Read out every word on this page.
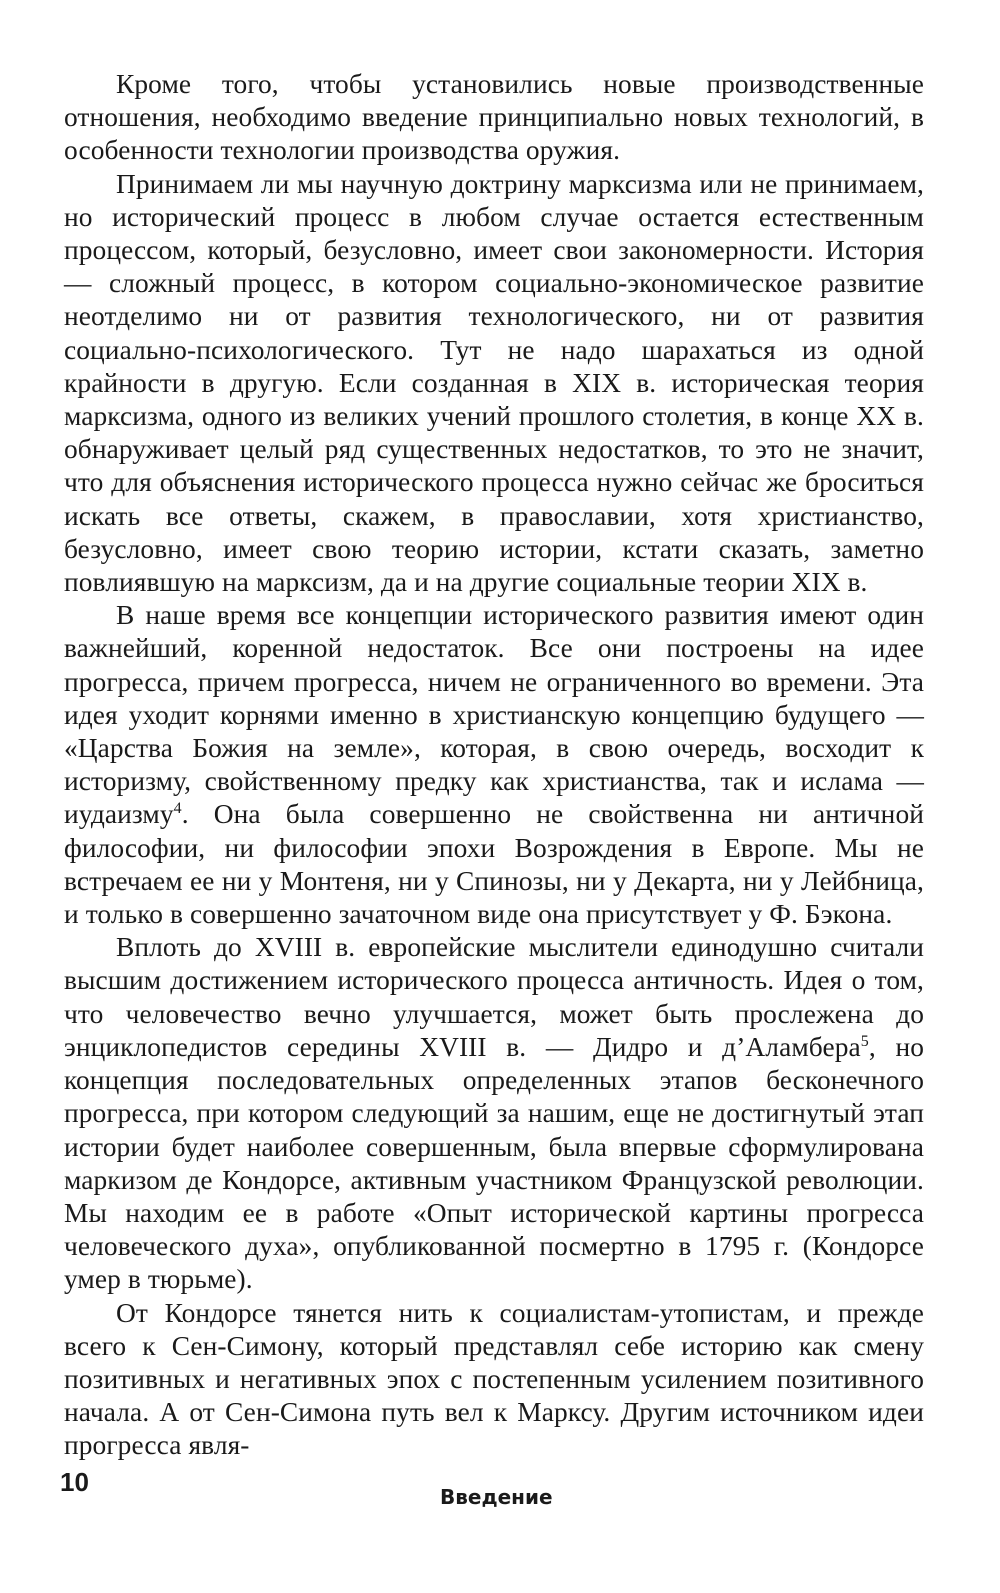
Кроме того, чтобы установились новые производственные отношения, необходимо введение принципиально новых технологий, в особенности технологии производства оружия.

Принимаем ли мы научную доктрину марксизма или не принимаем, но исторический процесс в любом случае остается естественным процессом, который, безусловно, имеет свои закономерности. История — сложный процесс, в котором социально-экономическое развитие неотделимо ни от развития технологического, ни от развития социально-психологического. Тут не надо шарахаться из одной крайности в другую. Если созданная в XIX в. историческая теория марксизма, одного из великих учений прошлого столетия, в конце XX в. обнаруживает целый ряд существенных недостатков, то это не значит, что для объяснения исторического процесса нужно сейчас же броситься искать все ответы, скажем, в православии, хотя христианство, безусловно, имеет свою теорию истории, кстати сказать, заметно повлиявшую на марксизм, да и на другие социальные теории XIX в.

В наше время все концепции исторического развития имеют один важнейший, коренной недостаток. Все они построены на идее прогресса, причем прогресса, ничем не ограниченного во времени. Эта идея уходит корнями именно в христианскую концепцию будущего — «Царства Божия на земле», которая, в свою очередь, восходит к историзму, свойственному предку как христианства, так и ислама — иудаизму$^4$. Она была совершенно не свойственна ни античной философии, ни философии эпохи Возрождения в Европе. Мы не встречаем ее ни у Монтеня, ни у Спинозы, ни у Декарта, ни у Лейбница, и только в совершенно зачаточном виде она присутствует у Ф. Бэкона.

Вплоть до XVIII в. европейские мыслители единодушно считали высшим достижением исторического процесса античность. Идея о том, что человечество вечно улучшается, может быть прослежена до энциклопедистов середины XVIII в. — Дидро и д’Аламбера$^5$, но концепция последовательных определенных этапов бесконечного прогресса, при котором следующий за нашим, еще не достигнутый этап истории будет наиболее совершенным, была впервые сформулирована маркизом де Кондорсе, активным участником Французской революции. Мы находим ее в работе «Опыт исторической картины прогресса человеческого духа», опубликованной посмертно в 1795 г. (Кондорсе умер в тюрьме).

От Кондорсе тянется нить к социалистам-утопистам, и прежде всего к Сен-Симону, который представлял себе историю как смену позитивных и негативных эпох с постепенным усилением позитивного начала. А от Сен-Симона путь вел к Марксу. Другим источником идеи прогресса явля-

10	Введение
